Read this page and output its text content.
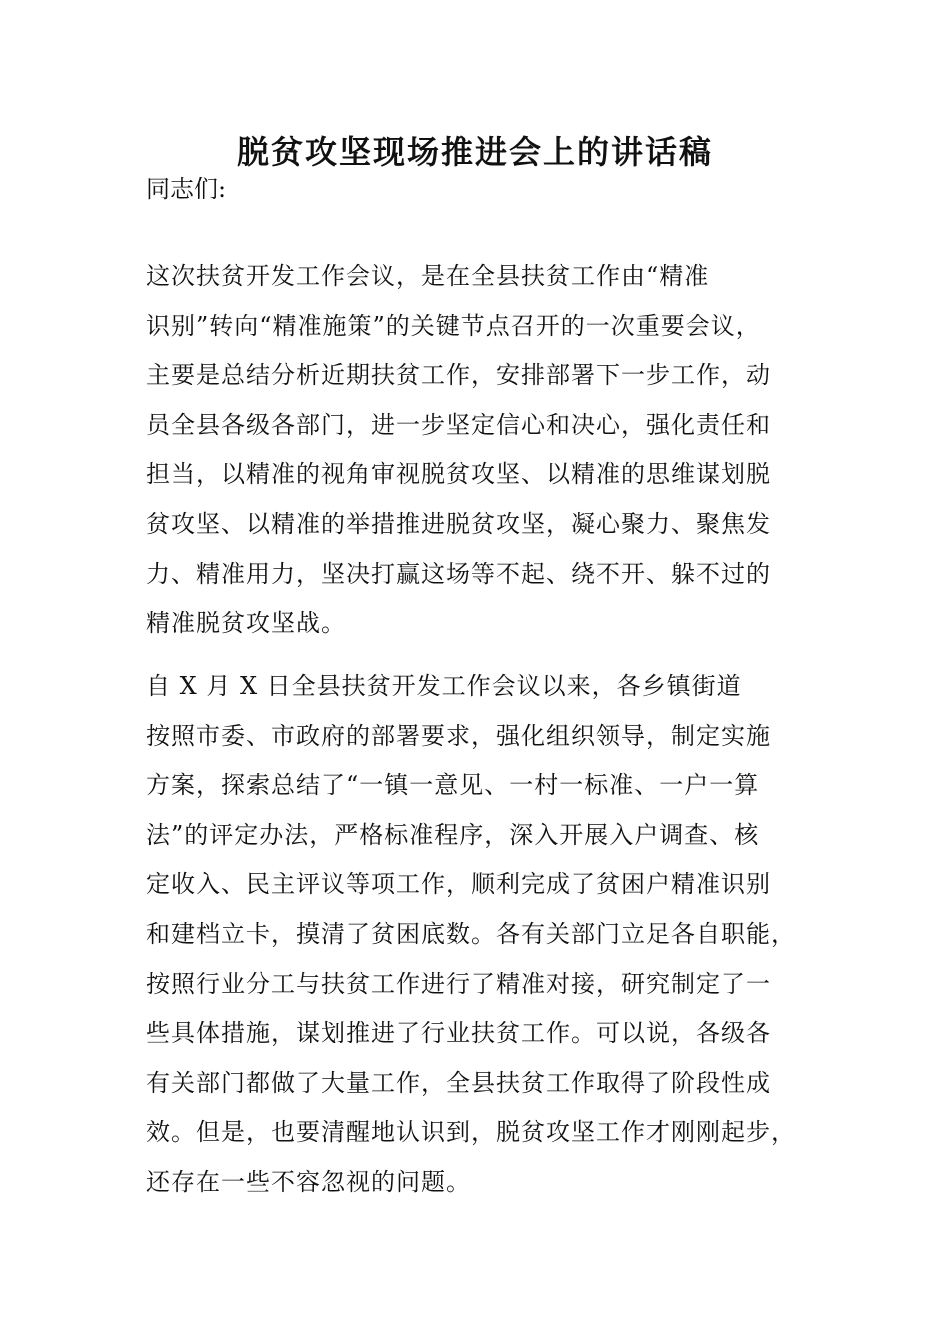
脱贫攻坚现场推进会上的讲话稿

同志们:

这次扶贫开发工作会议，是在全县扶贫工作由“精准
识别”转向“精准施策”的关键节点召开的一次重要会议，
主要是总结分析近期扶贫工作，安排部署下一步工作，动
员全县各级各部门，进一步坚定信心和决心，强化责任和
担当，以精准的视角审视脱贫攻坚、以精准的思维谋划脱
贫攻坚、以精准的举措推进脱贫攻坚，凝心聚力、聚焦发
力、精准用力，坚决打赢这场等不起、绕不开、躲不过的
精准脱贫攻坚战。
自 X 月 X 日全县扶贫开发工作会议以来，各乡镇街道
按照市委、市政府的部署要求，强化组织领导，制定实施
方案，探索总结了“一镇一意见、一村一标准、一户一算
法”的评定办法，严格标准程序，深入开展入户调查、核
定收入、民主评议等项工作，顺利完成了贫困户精准识别
和建档立卡，摸清了贫困底数。各有关部门立足各自职能，
按照行业分工与扶贫工作进行了精准对接，研究制定了一
些具体措施，谋划推进了行业扶贫工作。可以说，各级各
有关部门都做了大量工作，全县扶贫工作取得了阶段性成
效。但是，也要清醒地认识到，脱贫攻坚工作才刚刚起步，
还存在一些不容忽视的问题。
